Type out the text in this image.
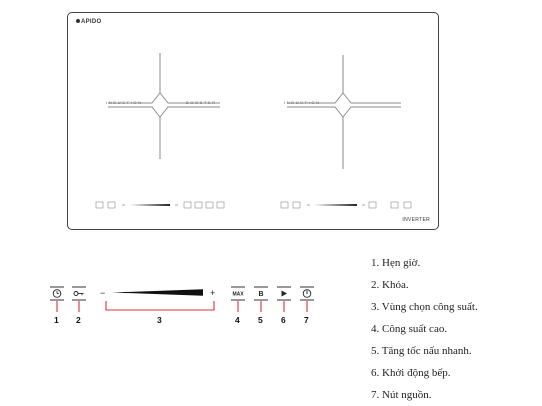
APIDO
INDUCTION	BOOSTER	INDUCTION
INVERTER
−	+	MAX B
1 2	3	4 5 6 7
1. Hẹn giờ.
2. Khóa.
3. Vùng chọn công suất.
4. Công suất cao.
5. Tăng tốc nấu nhanh.
6. Khởi động bếp.
7. Nút nguồn.
